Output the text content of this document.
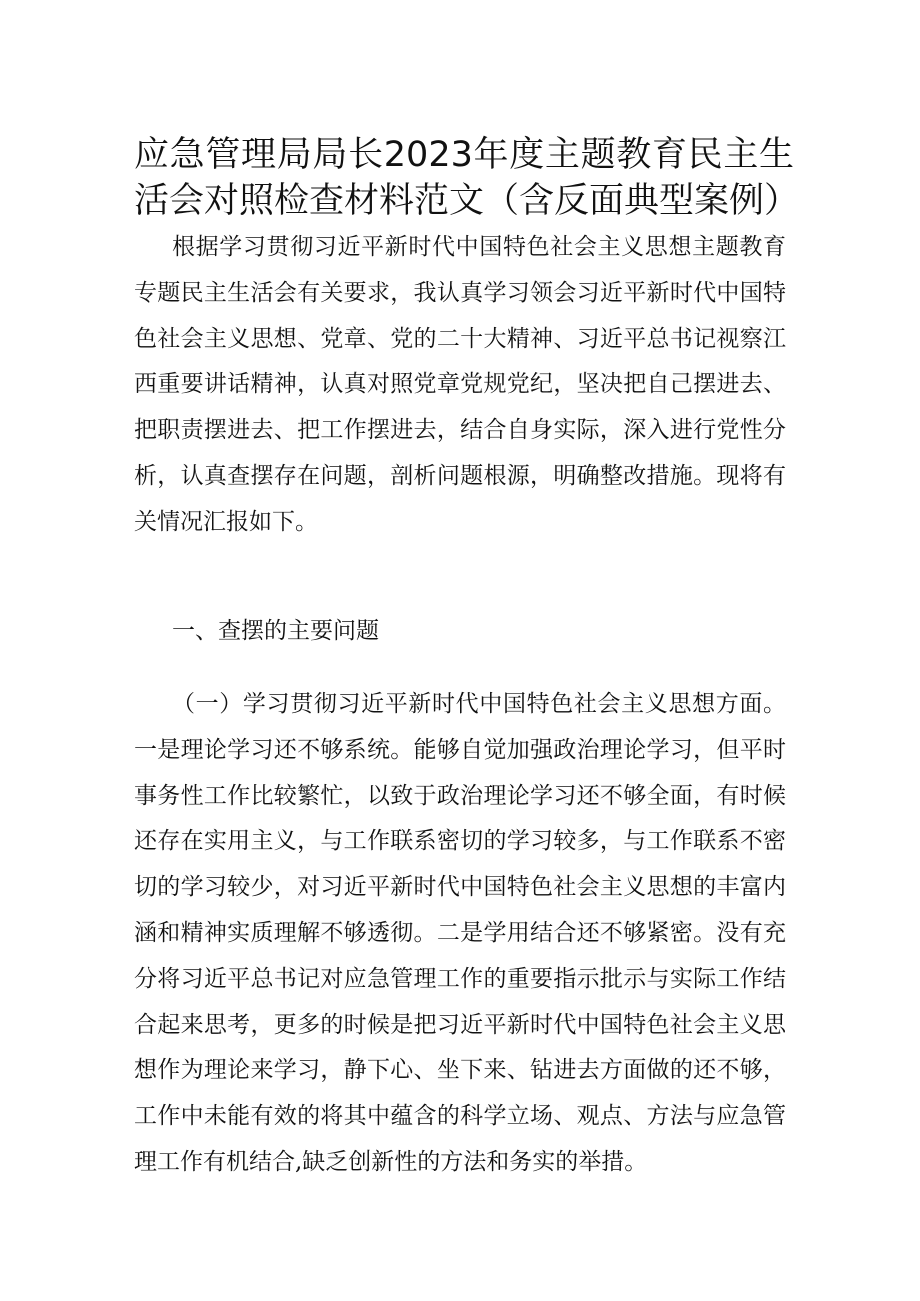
应急管理局局长2023年度主题教育民主生活会对照检查材料范文（含反面典型案例）

根据学习贯彻习近平新时代中国特色社会主义思想主题教育专题民主生活会有关要求，我认真学习领会习近平新时代中国特色社会主义思想、党章、党的二十大精神、习近平总书记视察江西重要讲话精神，认真对照党章党规党纪，坚决把自己摆进去、把职责摆进去、把工作摆进去，结合自身实际，深入进行党性分析，认真查摆存在问题，剖析问题根源，明确整改措施。现将有关情况汇报如下。

一、查摆的主要问题

（一）学习贯彻习近平新时代中国特色社会主义思想方面。一是理论学习还不够系统。能够自觉加强政治理论学习，但平时事务性工作比较繁忙，以致于政治理论学习还不够全面，有时候还存在实用主义，与工作联系密切的学习较多，与工作联系不密切的学习较少，对习近平新时代中国特色社会主义思想的丰富内涵和精神实质理解不够透彻。二是学用结合还不够紧密。没有充分将习近平总书记对应急管理工作的重要指示批示与实际工作结合起来思考，更多的时候是把习近平新时代中国特色社会主义思想作为理论来学习，静下心、坐下来、钻进去方面做的还不够，工作中未能有效的将其中蕴含的科学立场、观点、方法与应急管理工作有机结合,缺乏创新性的方法和务实的举措。
